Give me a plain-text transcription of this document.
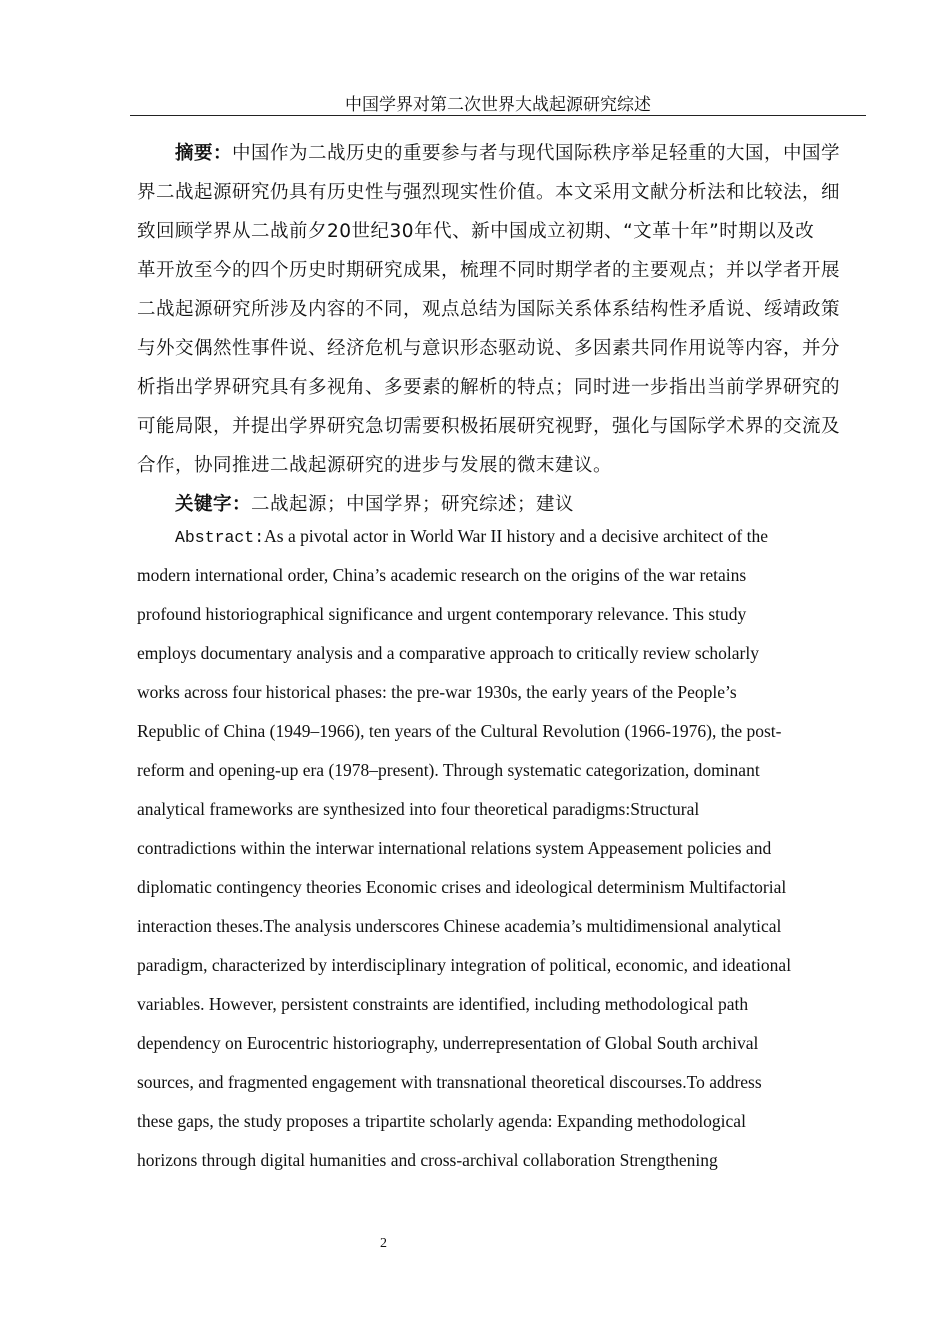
中国学界对第二次世界大战起源研究综述
摘要：中国作为二战历史的重要参与者与现代国际秩序举足轻重的大国，中国学
界二战起源研究仍具有历史性与强烈现实性价值。本文采用文献分析法和比较法，细
致回顾学界从二战前夕20世纪30年代、新中国成立初期、“文革十年”时期以及改
革开放至今的四个历史时期研究成果，梳理不同时期学者的主要观点；并以学者开展
二战起源研究所涉及内容的不同，观点总结为国际关系体系结构性矛盾说、绥靖政策
与外交偶然性事件说、经济危机与意识形态驱动说、多因素共同作用说等内容，并分
析指出学界研究具有多视角、多要素的解析的特点；同时进一步指出当前学界研究的
可能局限，并提出学界研究急切需要积极拓展研究视野，强化与国际学术界的交流及
合作，协同推进二战起源研究的进步与发展的微末建议。
关键字：二战起源；中国学界；研究综述；建议
Abstract:As a pivotal actor in World War II history and a decisive architect of the
modern international order, China’s academic research on the origins of the war retains
profound historiographical significance and urgent contemporary relevance. This study
employs documentary analysis and a comparative approach to critically review scholarly
works across four historical phases: the pre-war 1930s, the early years of the People’s
Republic of China (1949–1966), ten years of the Cultural Revolution (1966-1976), the post-
reform and opening-up era (1978–present). Through systematic categorization, dominant
analytical frameworks are synthesized into four theoretical paradigms:Structural
contradictions within the interwar international relations system Appeasement policies and
diplomatic contingency theories Economic crises and ideological determinism Multifactorial
interaction theses.The analysis underscores Chinese academia’s multidimensional analytical
paradigm, characterized by interdisciplinary integration of political, economic, and ideational
variables. However, persistent constraints are identified, including methodological path
dependency on Eurocentric historiography, underrepresentation of Global South archival
sources, and fragmented engagement with transnational theoretical discourses.To address
these gaps, the study proposes a tripartite scholarly agenda: Expanding methodological
horizons through digital humanities and cross-archival collaboration Strengthening
2
